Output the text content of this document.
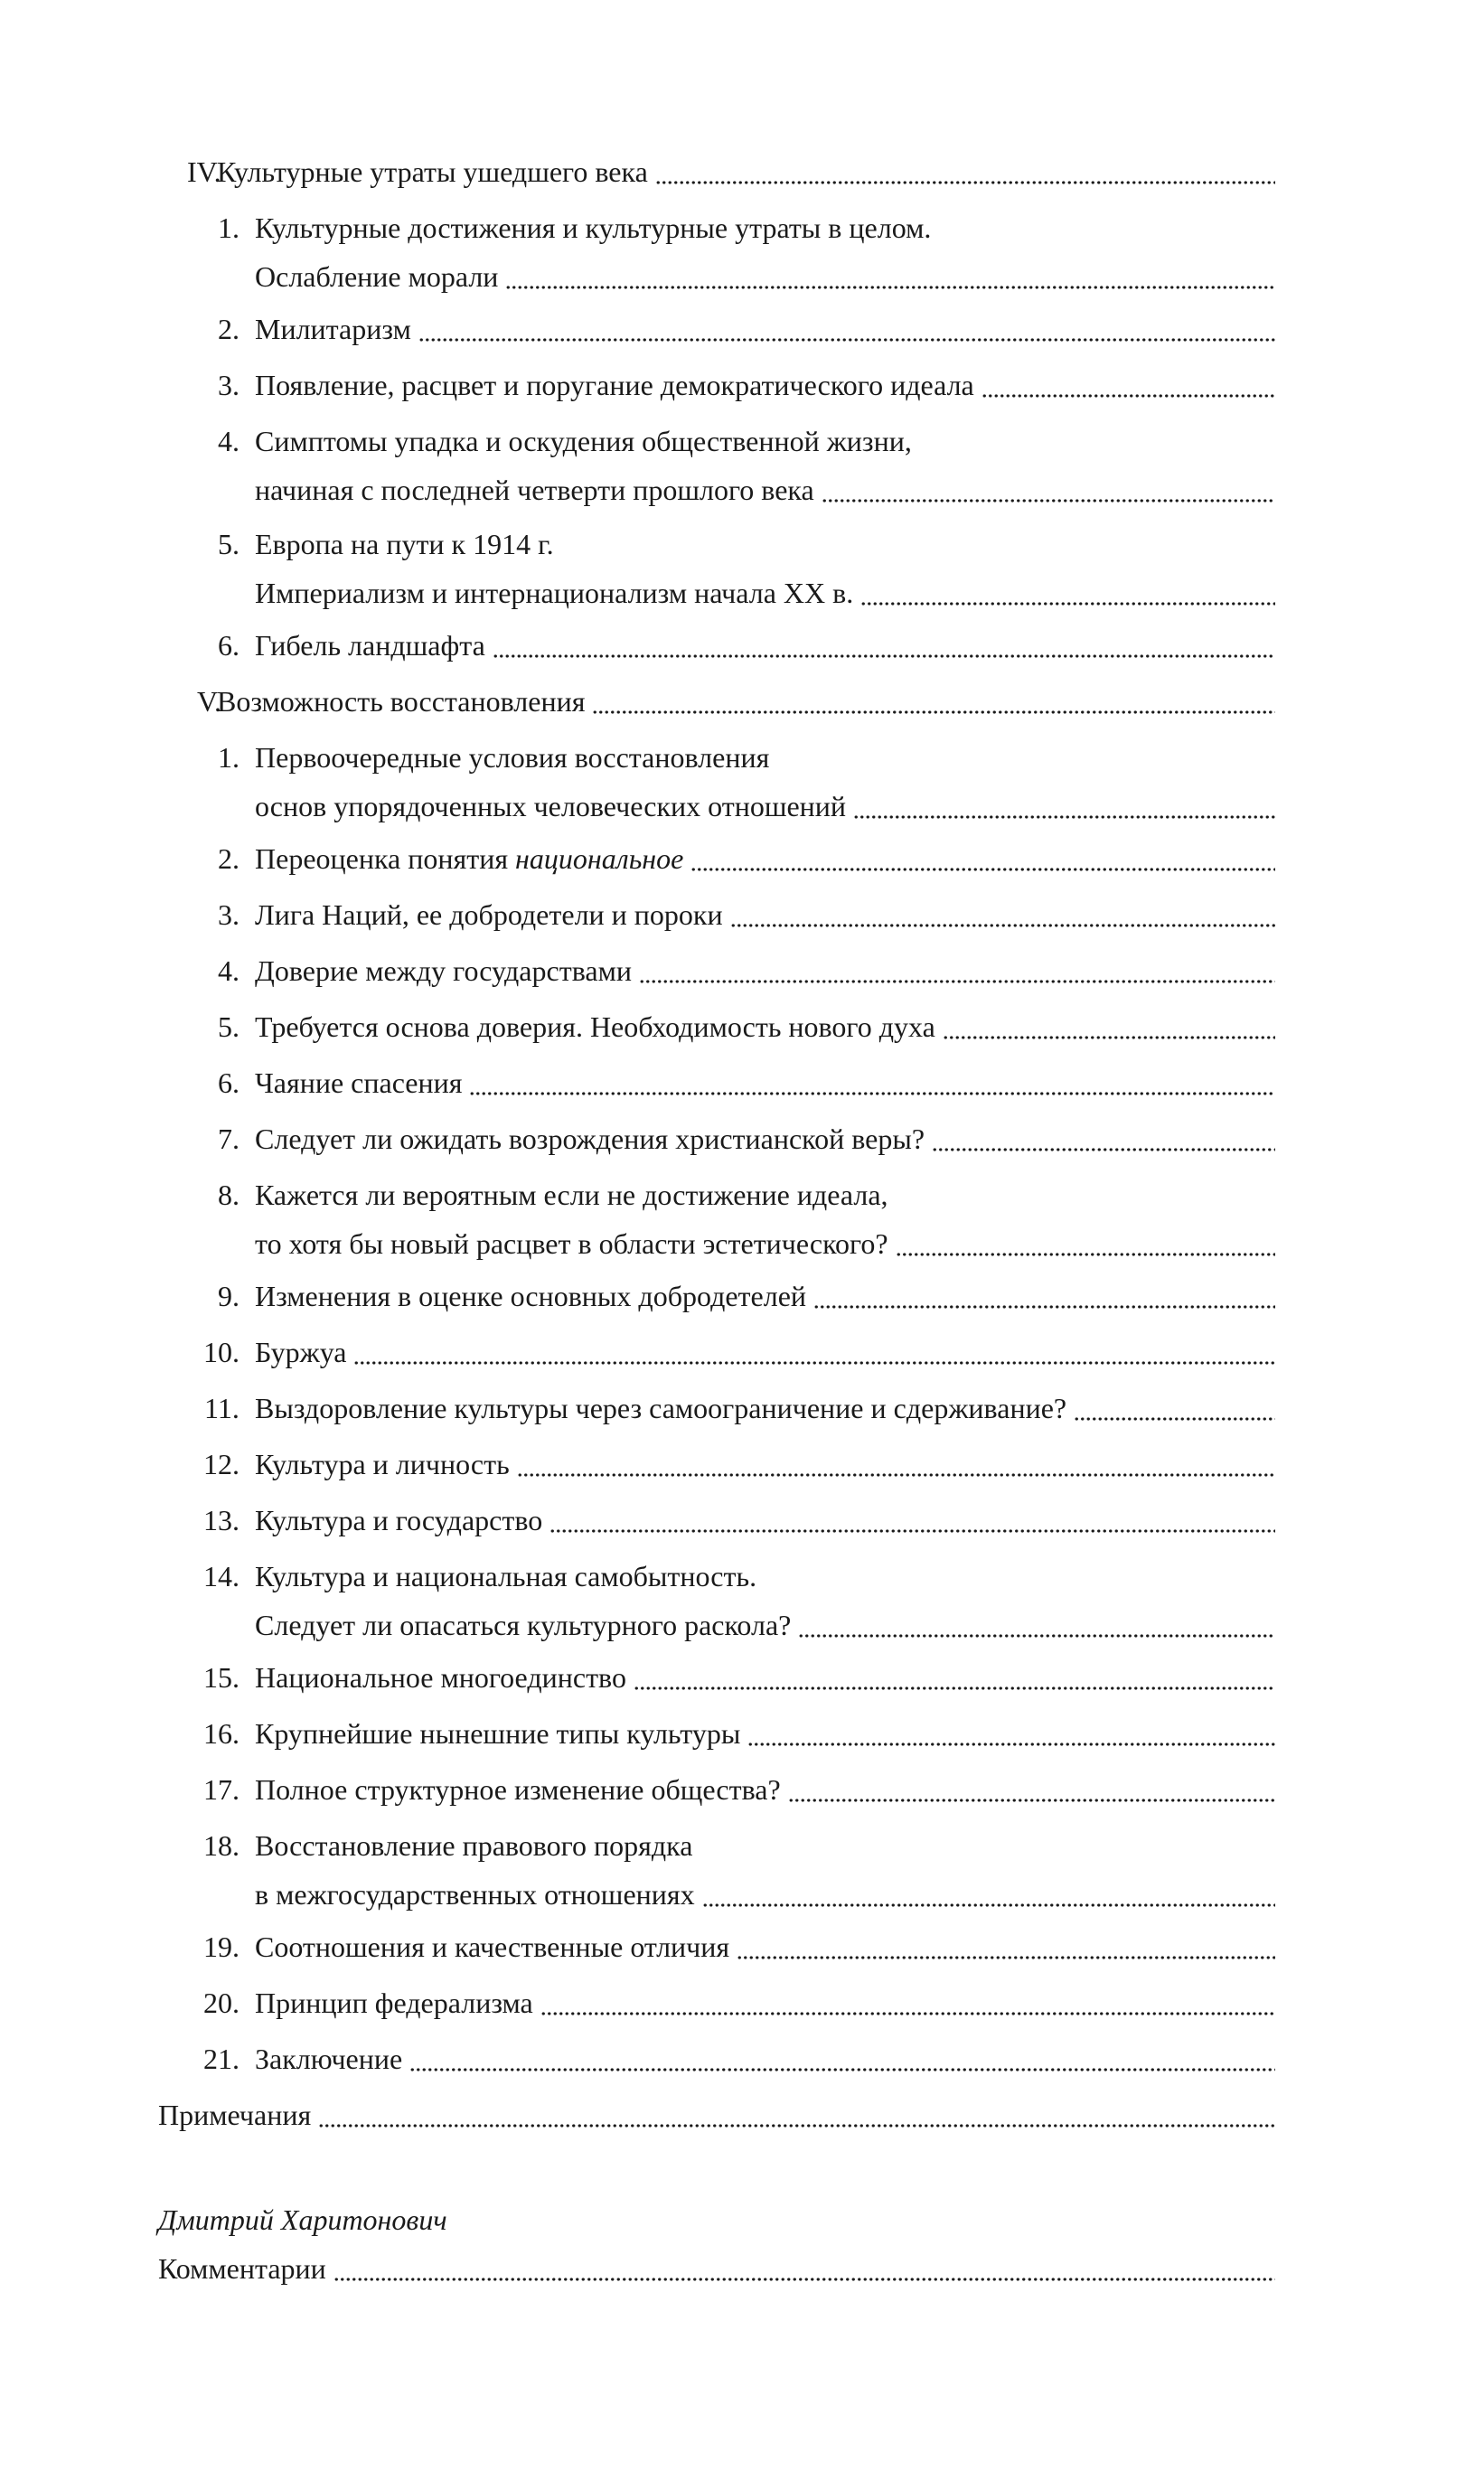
IV.
Культурные утраты ушедшего века
1. Культурные достижения и культурные утраты в целом.
Ослабление морали
2. Милитаризм
3. Появление, расцвет и поругание демократического идеала
4. Симптомы упадка и оскудения общественной жизни,
начиная с последней четверти прошлого века
5. Европа на пути к 1914 г.
Империализм и интернационализм начала XX в.
6. Гибель ландшафта
V.
Возможность восстановления
1. Первоочередные условия восстановления
основ упорядоченных человеческих отношений
2. Переоценка понятия национальное
3. Лига Наций, ее добродетели и пороки
4. Доверие между государствами
5. Требуется основа доверия. Необходимость нового духа
6. Чаяние спасения
7. Следует ли ожидать возрождения христианской веры?
8. Кажется ли вероятным если не достижение идеала,
то хотя бы новый расцвет в области эстетического?
9. Изменения в оценке основных добродетелей
10. Буржуа
11. Выздоровление культуры через самоограничение и сдерживание?
12. Культура и личность
13. Культура и государство
14. Культура и национальная самобытность.
Следует ли опасаться культурного раскола?
15. Национальное многоединство
16. Крупнейшие нынешние типы культуры
17. Полное структурное изменение общества?
18. Восстановление правового порядка
в межгосударственных отношениях
19. Соотношения и качественные отличия
20. Принцип федерализма
21. Заключение
Примечания
Дмитрий Харитонович
Комментарии
